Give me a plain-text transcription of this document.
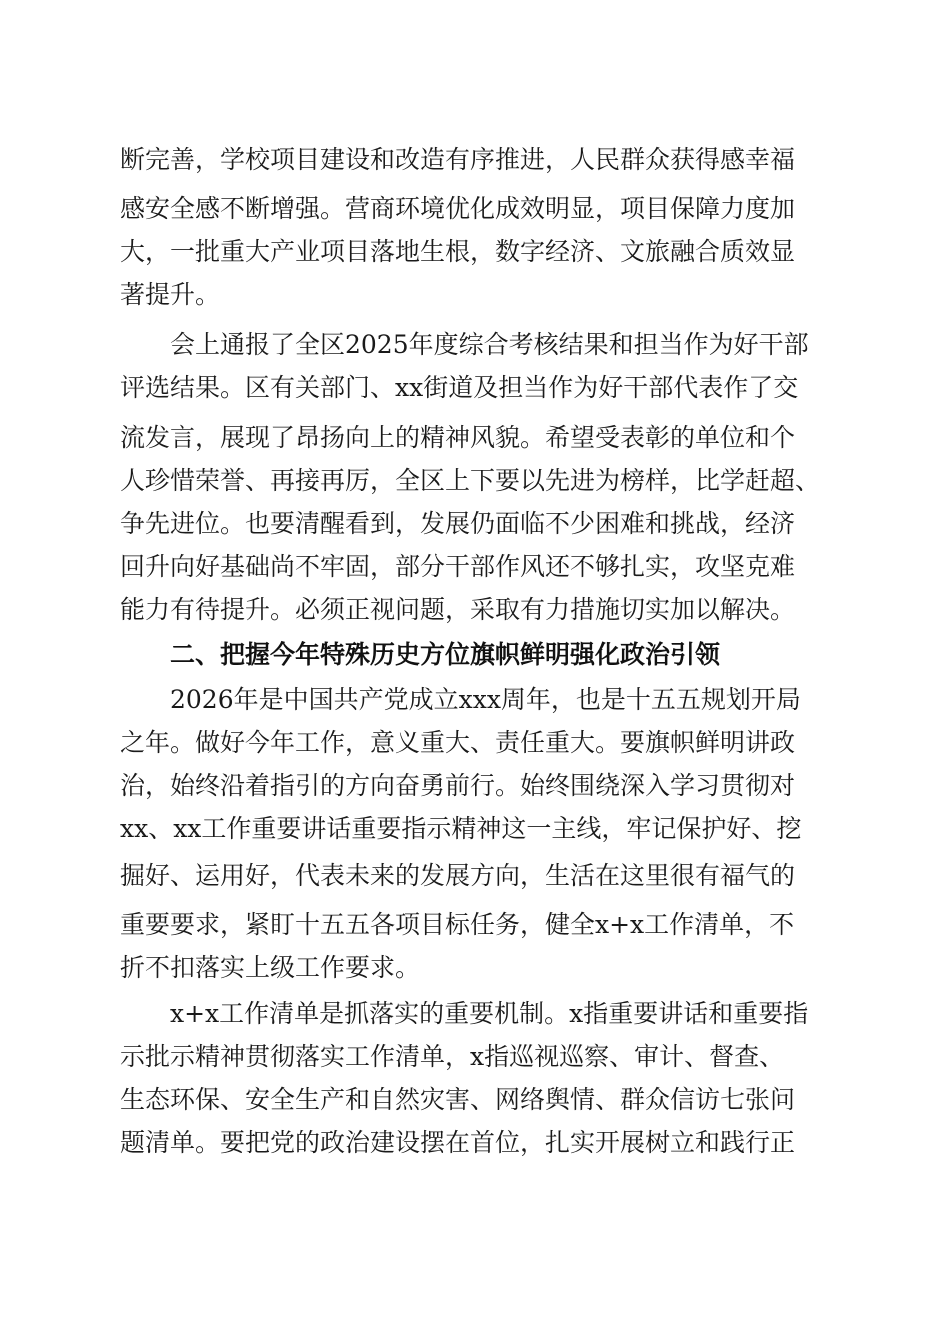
断完善，学校项目建设和改造有序推进，人民群众获得感幸福
感安全感不断增强。营商环境优化成效明显，项目保障力度加
大，一批重大产业项目落地生根，数字经济、文旅融合质效显
著提升。
会上通报了全区2025年度综合考核结果和担当作为好干部
评选结果。区有关部门、xx街道及担当作为好干部代表作了交
流发言，展现了昂扬向上的精神风貌。希望受表彰的单位和个
人珍惜荣誉、再接再厉，全区上下要以先进为榜样，比学赶超、
争先进位。也要清醒看到，发展仍面临不少困难和挑战，经济
回升向好基础尚不牢固，部分干部作风还不够扎实，攻坚克难
能力有待提升。必须正视问题，采取有力措施切实加以解决。
二、把握今年特殊历史方位旗帜鲜明强化政治引领
2026年是中国共产党成立xxx周年，也是十五五规划开局
之年。做好今年工作，意义重大、责任重大。要旗帜鲜明讲政
治，始终沿着指引的方向奋勇前行。始终围绕深入学习贯彻对
xx、xx工作重要讲话重要指示精神这一主线，牢记保护好、挖
掘好、运用好，代表未来的发展方向，生活在这里很有福气的
重要要求，紧盯十五五各项目标任务，健全x+x工作清单，不
折不扣落实上级工作要求。
x+x工作清单是抓落实的重要机制。x指重要讲话和重要指
示批示精神贯彻落实工作清单，x指巡视巡察、审计、督查、
生态环保、安全生产和自然灾害、网络舆情、群众信访七张问
题清单。要把党的政治建设摆在首位，扎实开展树立和践行正
